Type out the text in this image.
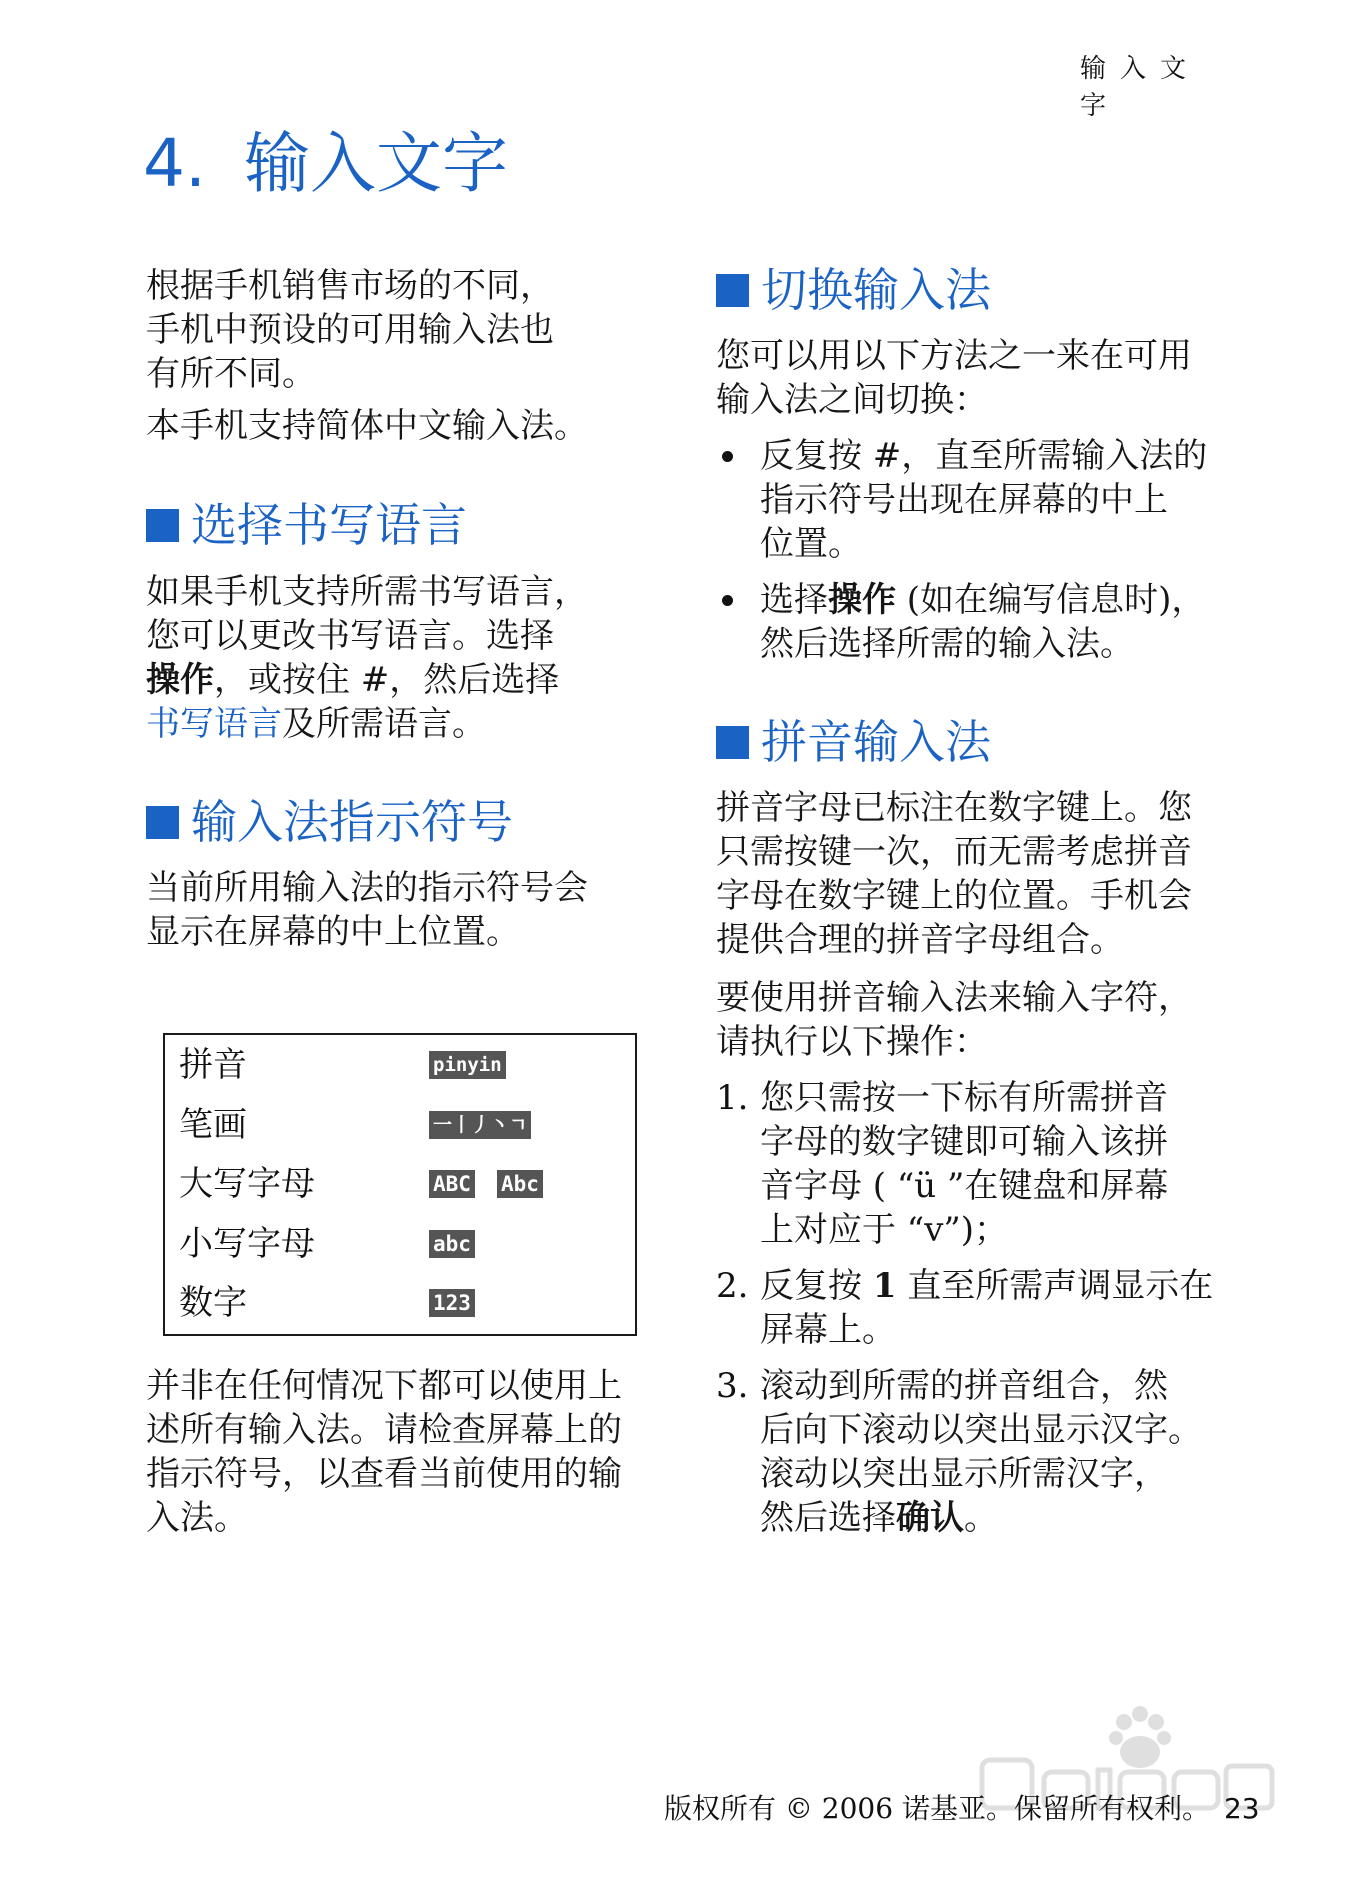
输入文字
4. 输入文字

根据手机销售市场的不同，

手机中预设的可用输入法也

有所不同。

本手机支持简体中文输入法。

选择书写语言

如果手机支持所需书写语言，

您可以更改书写语言。选择

操作，或按住 #，然后选择

书写语言及所需语言。

输入法指示符号

当前所用输入法的指示符号会

显示在屏幕的中上位置。

并非在任何情况下都可以使用上

述所有输入法。请检查屏幕上的

指示符号，以查看当前使用的输

入法。

拼音	pinyin
笔画	一丨丿丶ㄱ
大写字母	ABC Abc
小写字母	abc
数字	123
切换输入法

您可以用以下方法之一来在可用

输入法之间切换：

反复按 #，直至所需输入法的

指示符号出现在屏幕的中上

位置。

选择操作 (如在编写信息时)，

然后选择所需的输入法。

拼音输入法

拼音字母已标注在数字键上。您

只需按键一次，而无需考虑拼音

字母在数字键上的位置。手机会

提供合理的拼音字母组合。

要使用拼音输入法来输入字符，

请执行以下操作：

1. 您只需按一下标有所需拼音

字母的数字键即可输入该拼

音字母 ( “ü ”在键盘和屏幕

上对应于 “v”)；

2. 反复按 1 直至所需声调显示在

屏幕上。

3. 滚动到所需的拼音组合，然

后向下滚动以突出显示汉字。

滚动以突出显示所需汉字，

然后选择确认。

版权所有 © 2006 诺基亚。保留所有权利。 23
